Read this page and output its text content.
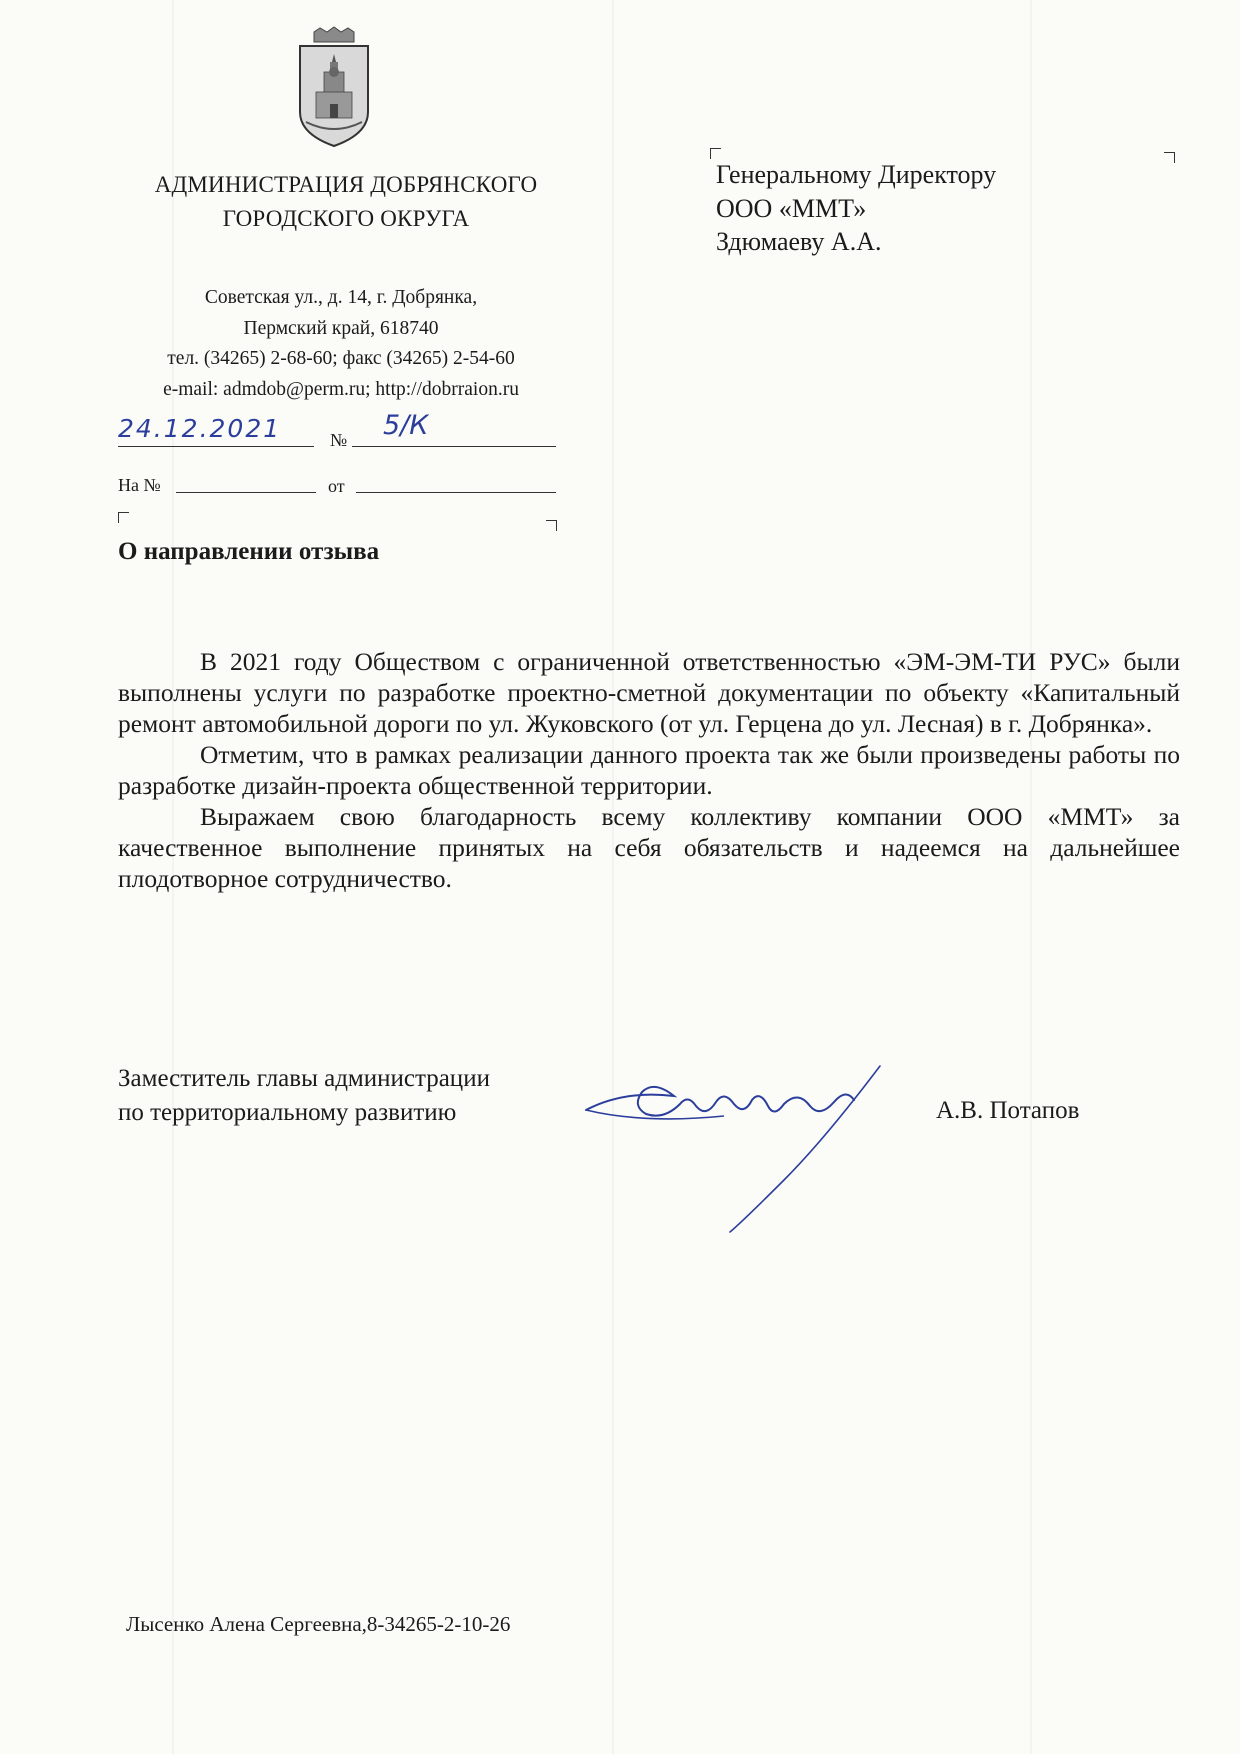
АДМИНИСТРАЦИЯ ДОБРЯНСКОГО
ГОРОДСКОГО ОКРУГА
Советская ул., д. 14, г. Добрянка,
Пермский край, 618740
тел. (34265) 2-68-60; факс (34265) 2-54-60
e-mail: admdob@perm.ru; http://dobrraion.ru
24.12.2021	№ 5/К
На №	от
Генеральному Директору
ООО «ММТ»
Здюмаеву А.А.
О направлении отзыва

В 2021 году Обществом с ограниченной ответственностью «ЭМ-ЭМ-ТИ РУС» были выполнены услуги по разработке проектно-сметной документации по объекту «Капитальный ремонт автомобильной дороги по ул. Жуковского (от ул. Герцена до ул. Лесная) в г. Добрянка».

Отметим, что в рамках реализации данного проекта так же были произведены работы по разработке дизайн-проекта общественной территории.

Выражаем свою благодарность всему коллективу компании ООО «ММТ» за качественное выполнение принятых на себя обязательств и надеемся на дальнейшее плодотворное сотрудничество.

Заместитель главы администрации
по территориальному развитию	А.В. Потапов
Лысенко Алена Сергеевна,8-34265-2-10-26
